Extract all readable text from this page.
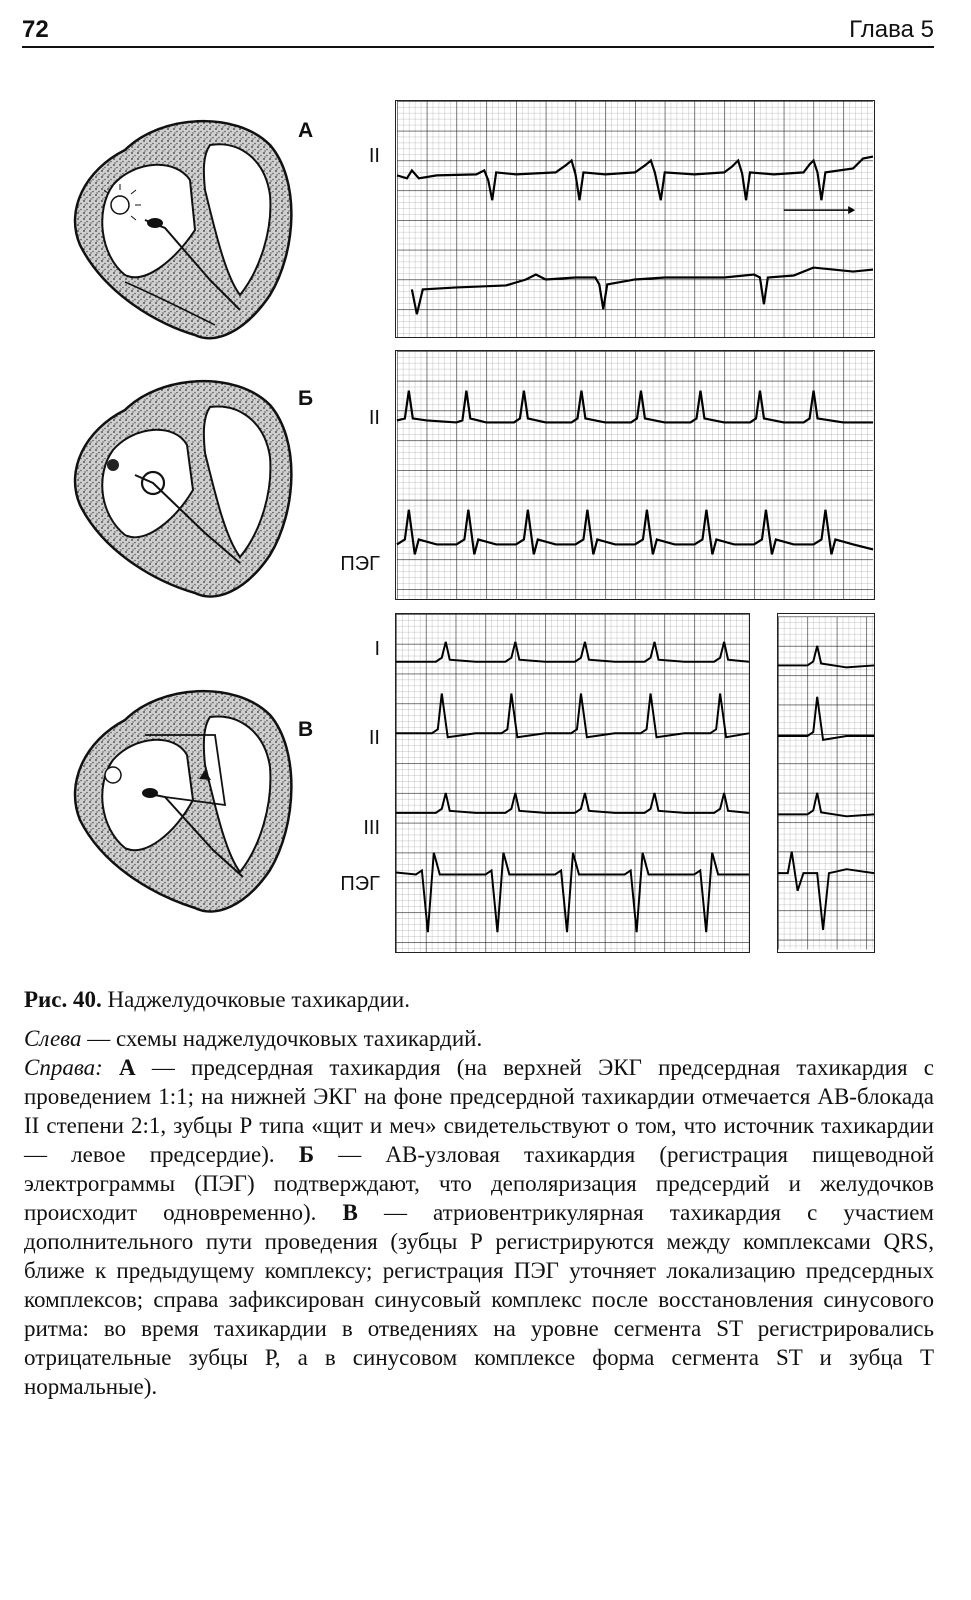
72	Глава 5
А
Б
В
II
II
ПЭГ
I
II
III
ПЭГ

Рис. 40. Наджелудочковые тахикардии.

Слева — схемы наджелудочковых тахикардий.

Справа: А — предсердная тахикардия (на верхней ЭКГ предсердная тахикардия с проведением 1:1; на нижней ЭКГ на фоне предсердной тахикардии отмечается АВ-блокада II степени 2:1, зубцы Р типа «щит и меч» свидетельствуют о том, что источник тахикардии — левое предсердие). Б — АВ-узловая тахикардия (регистрация пищеводной электрограммы (ПЭГ) подтверждают, что деполяризация предсердий и желудочков происходит одновременно). В — атриовентрикулярная тахикардия с участием дополнительного пути проведения (зубцы Р регистрируются между комплексами QRS, ближе к предыдущему комплексу; регистрация ПЭГ уточняет локализацию предсердных комплексов; справа зафиксирован синусовый комплекс после восстановления синусового ритма: во время тахикардии в отведениях на уровне сегмента ST регистрировались отрицательные зубцы Р, а в синусовом комплексе форма сегмента ST и зубца Т нормальные).
